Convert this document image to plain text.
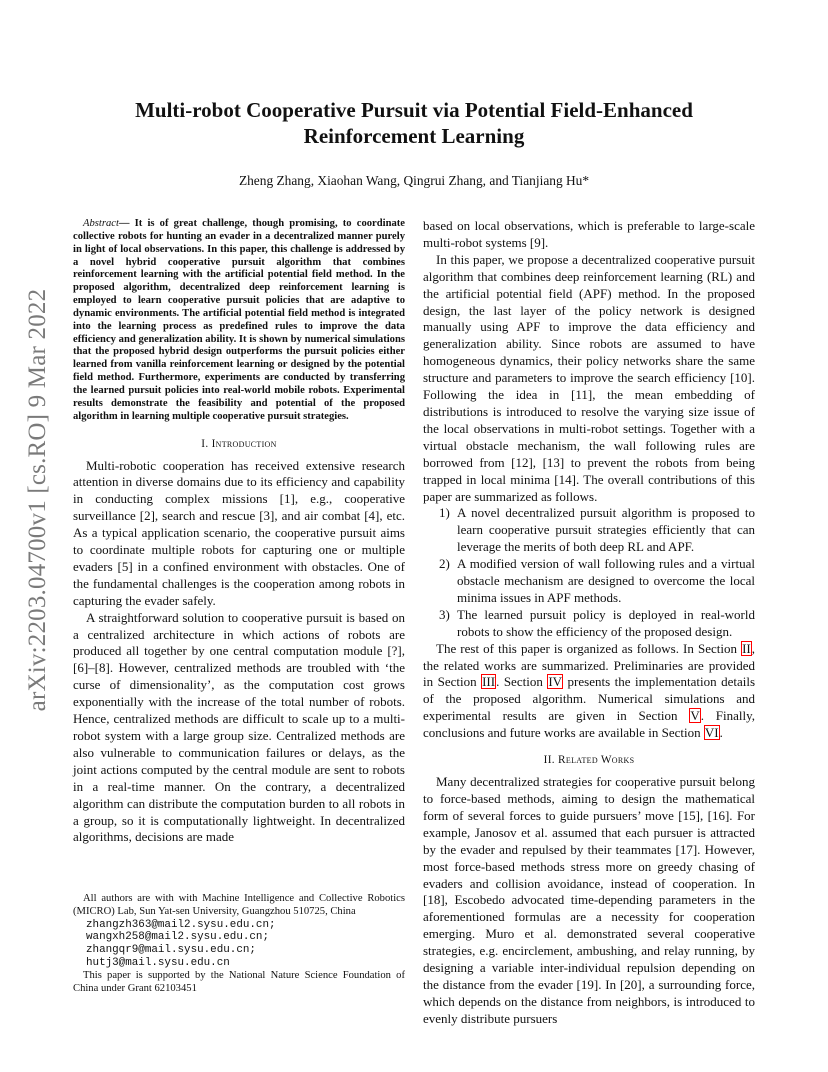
arXiv:2203.04700v1 [cs.RO] 9 Mar 2022
Multi-robot Cooperative Pursuit via Potential Field-Enhanced
Reinforcement Learning
Zheng Zhang, Xiaohan Wang, Qingrui Zhang, and Tianjiang Hu*

Abstract— It is of great challenge, though promising, to coordinate collective robots for hunting an evader in a decentralized manner purely in light of local observations. In this paper, this challenge is addressed by a novel hybrid cooperative pursuit algorithm that combines reinforcement learning with the artificial potential field method. In the proposed algorithm, decentralized deep reinforcement learning is employed to learn cooperative pursuit policies that are adaptive to dynamic environments. The artificial potential field method is integrated into the learning process as predefined rules to improve the data efficiency and generalization ability. It is shown by numerical simulations that the proposed hybrid design outperforms the pursuit policies either learned from vanilla reinforcement learning or designed by the potential field method. Furthermore, experiments are conducted by transferring the learned pursuit policies into real-world mobile robots. Experimental results demonstrate the feasibility and potential of the proposed algorithm in learning multiple cooperative pursuit strategies.

I. Introduction

Multi-robotic cooperation has received extensive research attention in diverse domains due to its efficiency and capability in conducting complex missions [1], e.g., cooperative surveillance [2], search and rescue [3], and air combat [4], etc. As a typical application scenario, the cooperative pursuit aims to coordinate multiple robots for capturing one or multiple evaders [5] in a confined environment with obstacles. One of the fundamental challenges is the cooperation among robots in capturing the evader safely.

A straightforward solution to cooperative pursuit is based on a centralized architecture in which actions of robots are produced all together by one central computation module [?], [6]–[8]. However, centralized methods are troubled with ‘the curse of dimensionality’, as the computation cost grows exponentially with the increase of the total number of robots. Hence, centralized methods are difficult to scale up to a multi-robot system with a large group size. Centralized methods are also vulnerable to communication failures or delays, as the joint actions computed by the central module are sent to robots in a real-time manner. On the contrary, a decentralized algorithm can distribute the computation burden to all robots in a group, so it is computationally lightweight. In decentralized algorithms, decisions are made

based on local observations, which is preferable to large-scale multi-robot systems [9].

In this paper, we propose a decentralized cooperative pursuit algorithm that combines deep reinforcement learning (RL) and the artificial potential field (APF) method. In the proposed design, the last layer of the policy network is designed manually using APF to improve the data efficiency and generalization ability. Since robots are assumed to have homogeneous dynamics, their policy networks share the same structure and parameters to improve the search efficiency [10]. Following the idea in [11], the mean embedding of distributions is introduced to resolve the varying size issue of the local observations in multi-robot settings. Together with a virtual obstacle mechanism, the wall following rules are borrowed from [12], [13] to prevent the robots from being trapped in local minima [14]. The overall contributions of this paper are summarized as follows.

1) A novel decentralized pursuit algorithm is proposed to learn cooperative pursuit strategies efficiently that can leverage the merits of both deep RL and APF.
2) A modified version of wall following rules and a virtual obstacle mechanism are designed to overcome the local minima issues in APF methods.
3) The learned pursuit policy is deployed in real-world robots to show the efficiency of the proposed design.

The rest of this paper is organized as follows. In Section II, the related works are summarized. Preliminaries are provided in Section III. Section IV presents the implementation details of the proposed algorithm. Numerical simulations and experimental results are given in Section V. Finally, conclusions and future works are available in Section VI.

II. Related Works

Many decentralized strategies for cooperative pursuit belong to force-based methods, aiming to design the mathematical form of several forces to guide pursuers’ move [15], [16]. For example, Janosov et al. assumed that each pursuer is attracted by the evader and repulsed by their teammates [17]. However, most force-based methods stress more on greedy chasing of evaders and collision avoidance, instead of cooperation. In [18], Escobedo advocated time-depending parameters in the aforementioned formulas are a necessity for cooperation emerging. Muro et al. demonstrated several cooperative strategies, e.g. encirclement, ambushing, and relay running, by designing a variable inter-individual repulsion depending on the distance from the evader [19]. In [20], a surrounding force, which depends on the distance from neighbors, is introduced to evenly distribute pursuers

All authors are with with Machine Intelligence and Collective Robotics (MICRO) Lab, Sun Yat-sen University, Guangzhou 510725, China
zhangzh363@mail2.sysu.edu.cn;
wangxh258@mail2.sysu.edu.cn;
zhangqr9@mail.sysu.edu.cn;
hutj3@mail.sysu.edu.cn
This paper is supported by the National Nature Science Foundation of China under Grant 62103451
